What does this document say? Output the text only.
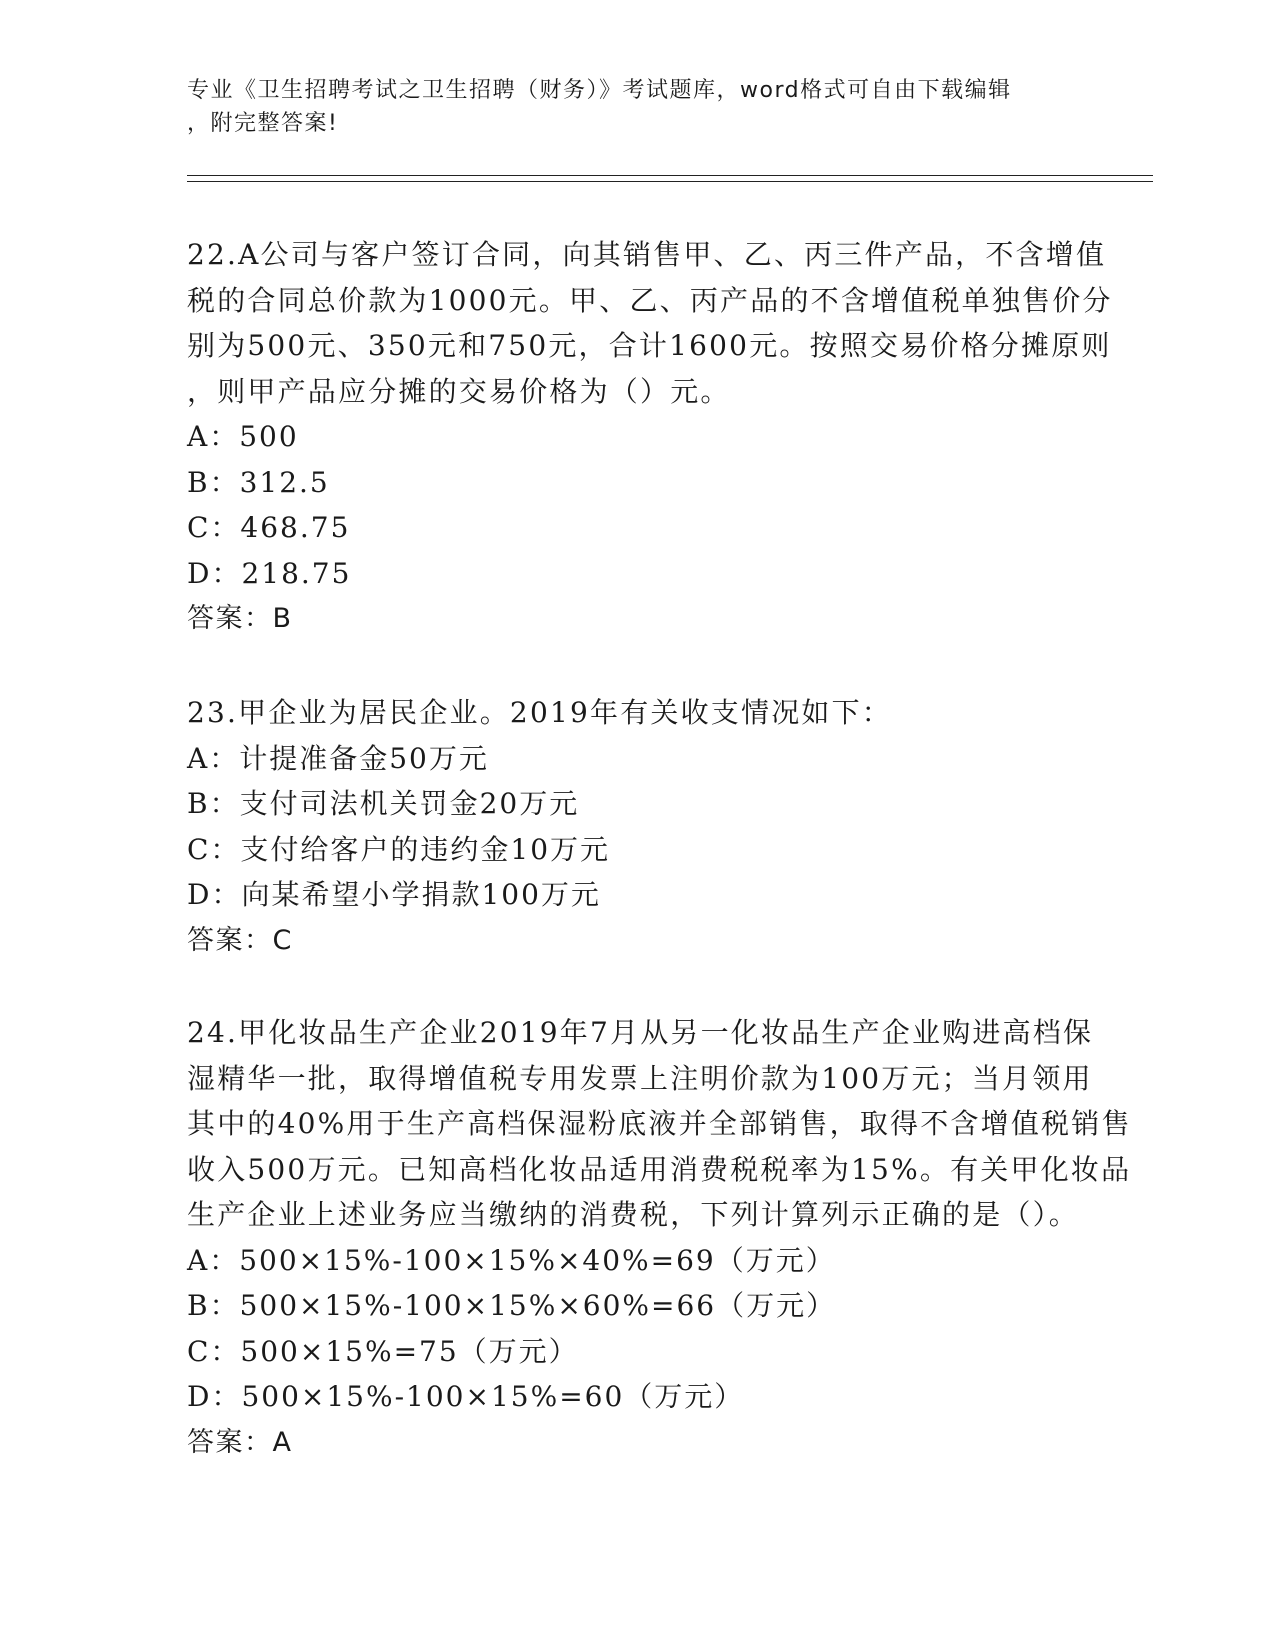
专业《卫生招聘考试之卫生招聘（财务）》考试题库，word格式可自由下载编辑
，附完整答案!
22.A公司与客户签订合同，向其销售甲、乙、丙三件产品，不含增值
税的合同总价款为1000元。甲、乙、丙产品的不含增值税单独售价分
别为500元、350元和750元，合计1600元。按照交易价格分摊原则
，则甲产品应分摊的交易价格为（）元。
A：500
B：312.5
C：468.75
D：218.75
答案：B
23.甲企业为居民企业。2019年有关收支情况如下：
A：计提准备金50万元
B：支付司法机关罚金20万元
C：支付给客户的违约金10万元
D：向某希望小学捐款100万元
答案：C
24.甲化妆品生产企业2019年7月从另一化妆品生产企业购进高档保
湿精华一批，取得增值税专用发票上注明价款为100万元；当月领用
其中的40%用于生产高档保湿粉底液并全部销售，取得不含增值税销售
收入500万元。已知高档化妆品适用消费税税率为15%。有关甲化妆品
生产企业上述业务应当缴纳的消费税，下列计算列示正确的是（）。
A：500×15%-100×15%×40%=69（万元）
B：500×15%-100×15%×60%=66（万元）
C：500×15%=75（万元）
D：500×15%-100×15%=60（万元）
答案：A
